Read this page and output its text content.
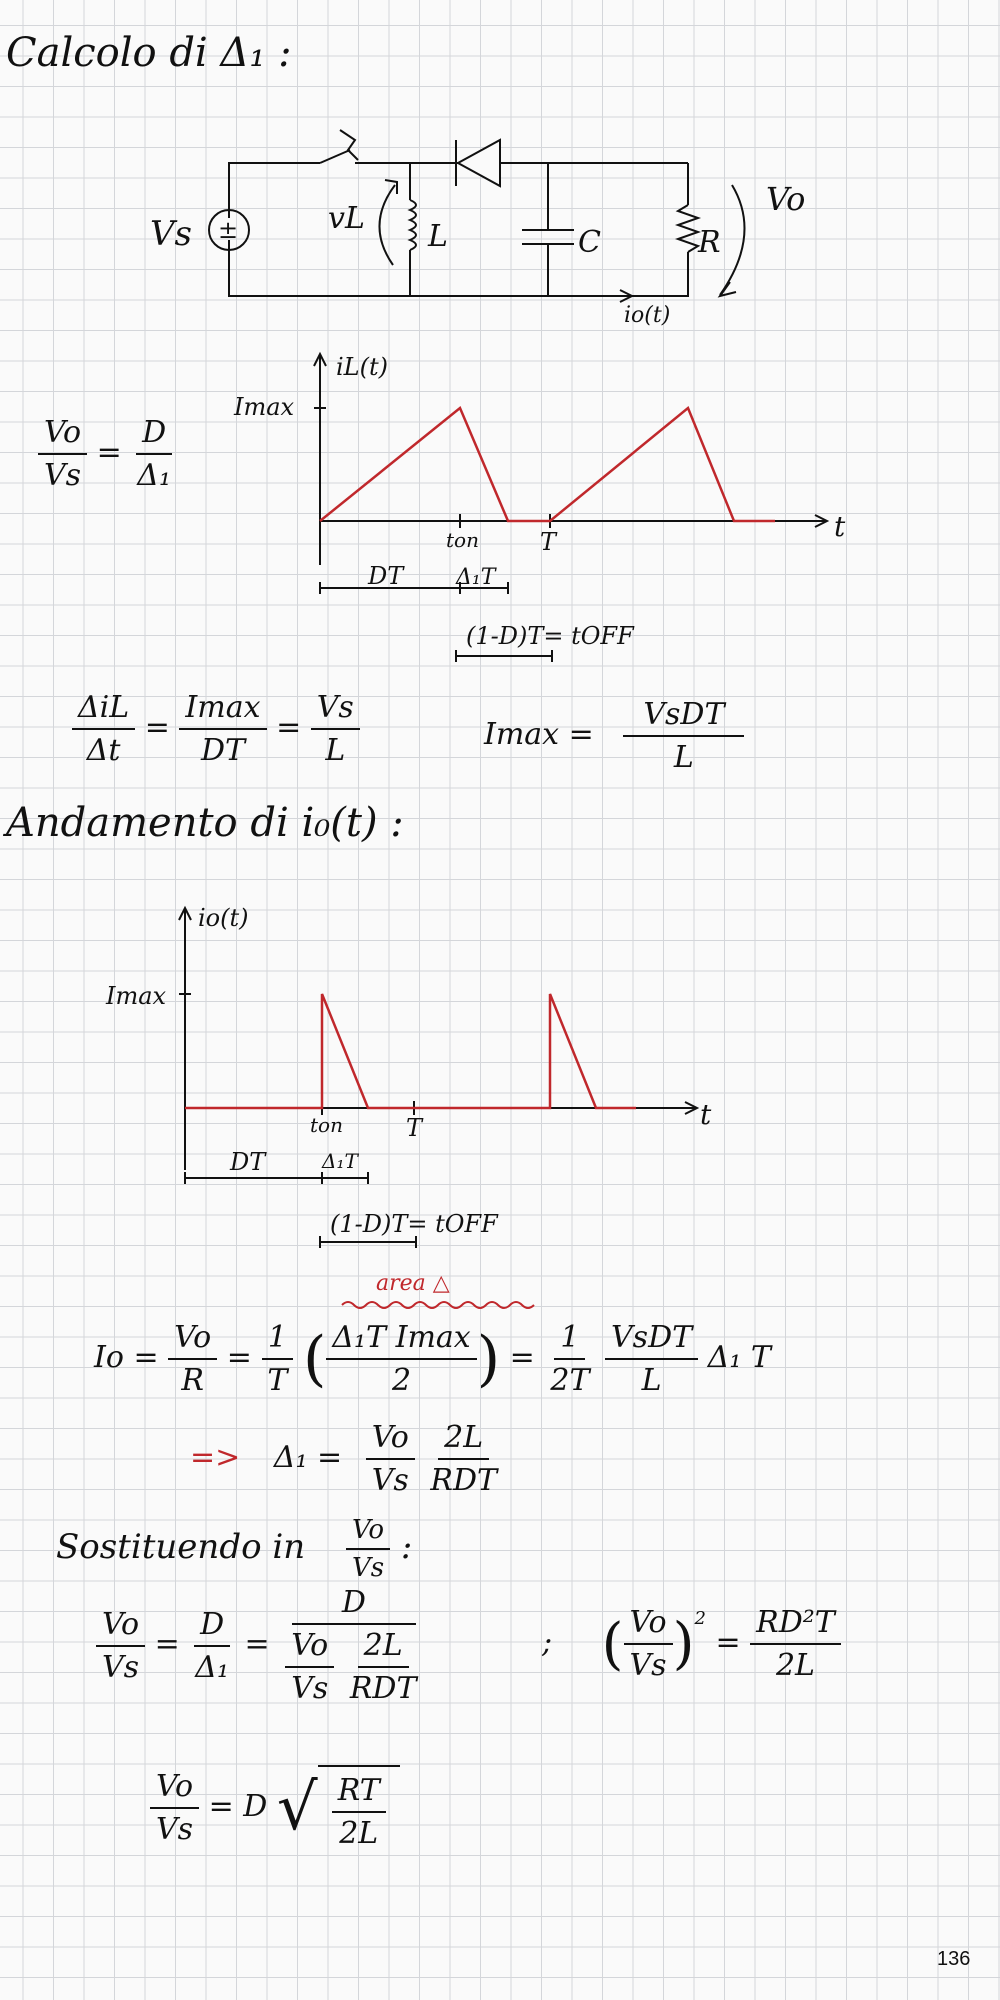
Calcolo di Δ₁ :
±
Vs	vL
L	C	R
Vo
io(t)
$\frac{Vo}{Vs} = \frac{D}{\text{Δ₁}}$
iL(t)
Imax
ton	T	t
DT Δ₁T
(1-D)T= tOFF
$\frac{\text{ΔiL}}{\Delta t} = \frac{Imax}{DT} = \frac{Vs}{L}$	$Imax = \frac{\text{VsDT}}{L}$
Andamento di i₀(t) :
io(t)
Imax
ton	T	t
DT	Δ₁T
(1-D)T= tOFF
area △
$Io = \frac{Vo}{R} = \frac{1}{T}$ ( $\frac{\text{Δ₁T Imax}}{2}$ ) = $\frac{1}{2T}$
$\frac{\text{VsDT}}{L} \Delta_1$ T
=> $\Delta_1 = \frac{Vo}{Vs}$
$\frac{2L}{\text{RDT}}$
Sostituendo in $\frac{Vo}{Vs}$ :
$\frac{Vo}{Vs} = \frac{D}{\text{Δ₁}} = D$
$\frac{Vo}{Vs}$
$\frac{2L}{\text{RDT}}$	; ( $\frac{Vo}{Vs} )^2 = \frac{\text{RD²T}}{2L}$
$\frac{Vo}{Vs} = D$ √ $\frac{RT}{2L}$
136
